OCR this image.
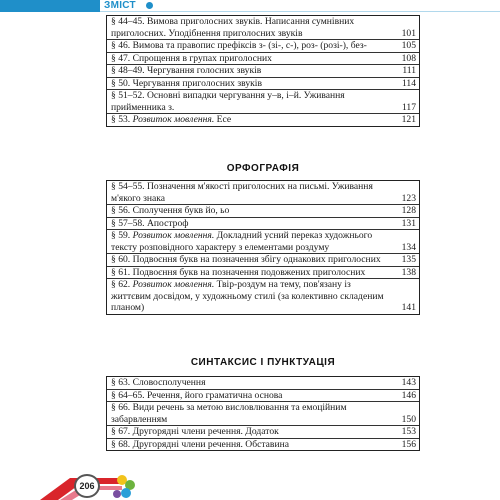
ЗМІСТ
§ 44–45. Вимова приголосних звуків. Написання сумнівних приголосних. Уподібнення приголосних звуків	101
§ 46. Вимова та правопис префіксів з- (зі-, с-), роз- (розі-), без-	105
§ 47. Спрощення в групах приголосних	108
§ 48–49. Чергування голосних звуків	111
§ 50. Чергування приголосних звуків	114
§ 51–52. Основні випадки чергування у–в, і–й. Уживання прийменника з.	117
§ 53. Розвиток мовлення. Есе	121
ОРФОГРАФІЯ
§ 54–55. Позначення м'якості приголосних на письмі. Уживання м'якого знака	123
§ 56. Сполучення букв йо, ьо	128
§ 57–58. Апостроф	131
§ 59. Розвиток мовлення. Докладний усний переказ художнього тексту розповідного характеру з елементами роздуму	134
§ 60. Подвоєння букв на позначення збігу однакових приголосних	135
§ 61. Подвоєння букв на позначення подовжених приголосних	138
§ 62. Розвиток мовлення. Твір-роздум на тему, пов'язану із життєвим досвідом, у художньому стилі (за колективно складеним планом)	141
СИНТАКСИС І ПУНКТУАЦІЯ
§ 63. Словосполучення	143
§ 64–65. Речення, його граматична основа	146
§ 66. Види речень за метою висловлювання та емоційним забарвленням	150
§ 67. Другорядні члени речення. Додаток	153
§ 68. Другорядні члени речення. Обставина	156
206
